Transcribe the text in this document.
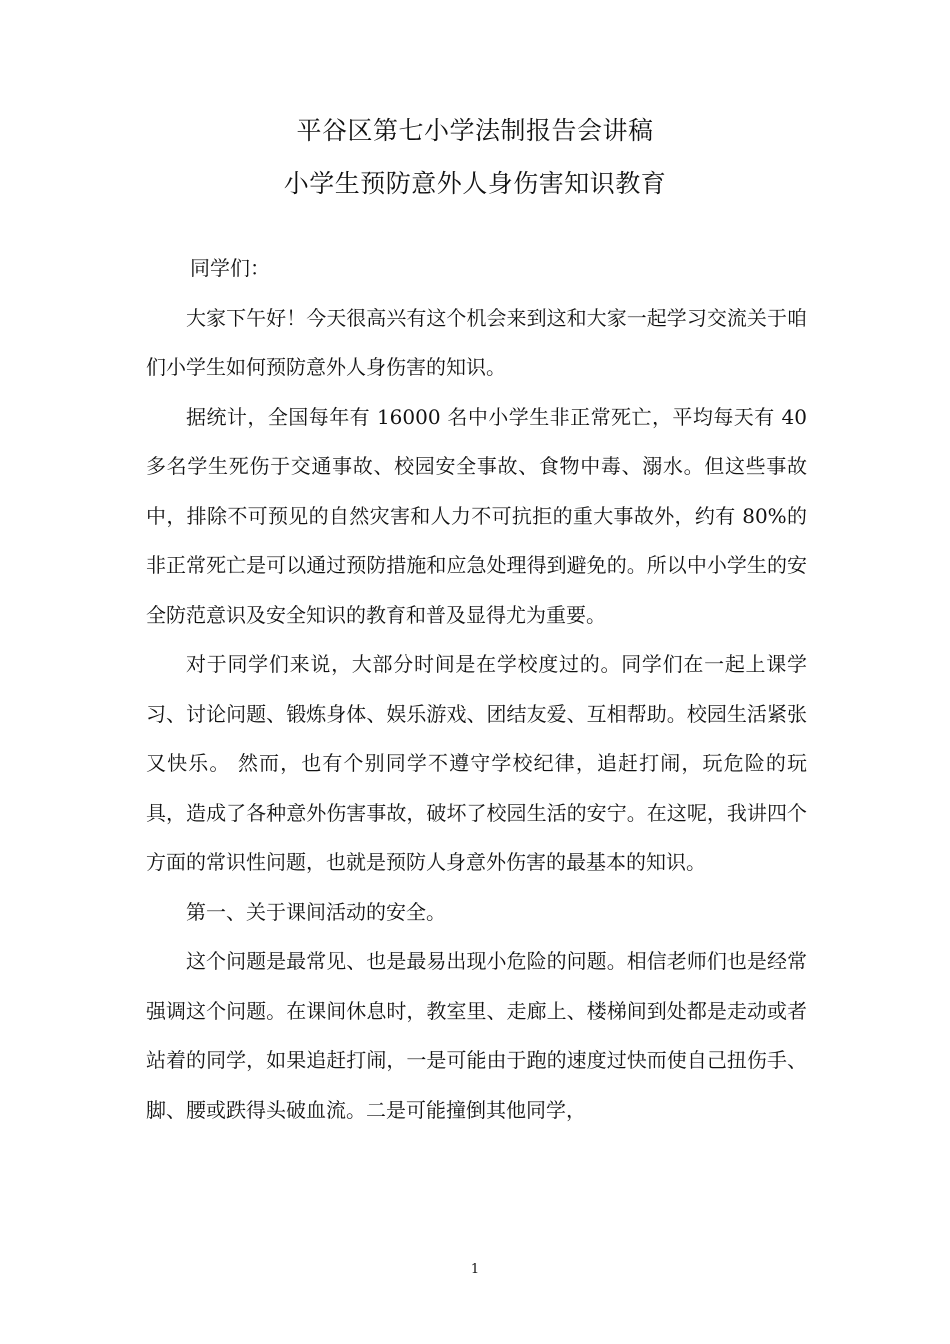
平谷区第七小学法制报告会讲稿
小学生预防意外人身伤害知识教育

同学们：

大家下午好！今天很高兴有这个机会来到这和大家一起学习交流关于咱们小学生如何预防意外人身伤害的知识。

据统计，全国每年有 16000 名中小学生非正常死亡，平均每天有 40 多名学生死伤于交通事故、校园安全事故、食物中毒、溺水。但这些事故中，排除不可预见的自然灾害和人力不可抗拒的重大事故外，约有 80%的非正常死亡是可以通过预防措施和应急处理得到避免的。所以中小学生的安全防范意识及安全知识的教育和普及显得尤为重要。

对于同学们来说，大部分时间是在学校度过的。同学们在一起上课学习、讨论问题、锻炼身体、娱乐游戏、团结友爱、互相帮助。校园生活紧张又快乐。 然而，也有个别同学不遵守学校纪律，追赶打闹，玩危险的玩具，造成了各种意外伤害事故，破坏了校园生活的安宁。在这呢，我讲四个方面的常识性问题，也就是预防人身意外伤害的最基本的知识。

第一、关于课间活动的安全。

这个问题是最常见、也是最易出现小危险的问题。相信老师们也是经常强调这个问题。在课间休息时，教室里、走廊上、楼梯间到处都是走动或者站着的同学，如果追赶打闹，一是可能由于跑的速度过快而使自己扭伤手、脚、腰或跌得头破血流。二是可能撞倒其他同学，

1
